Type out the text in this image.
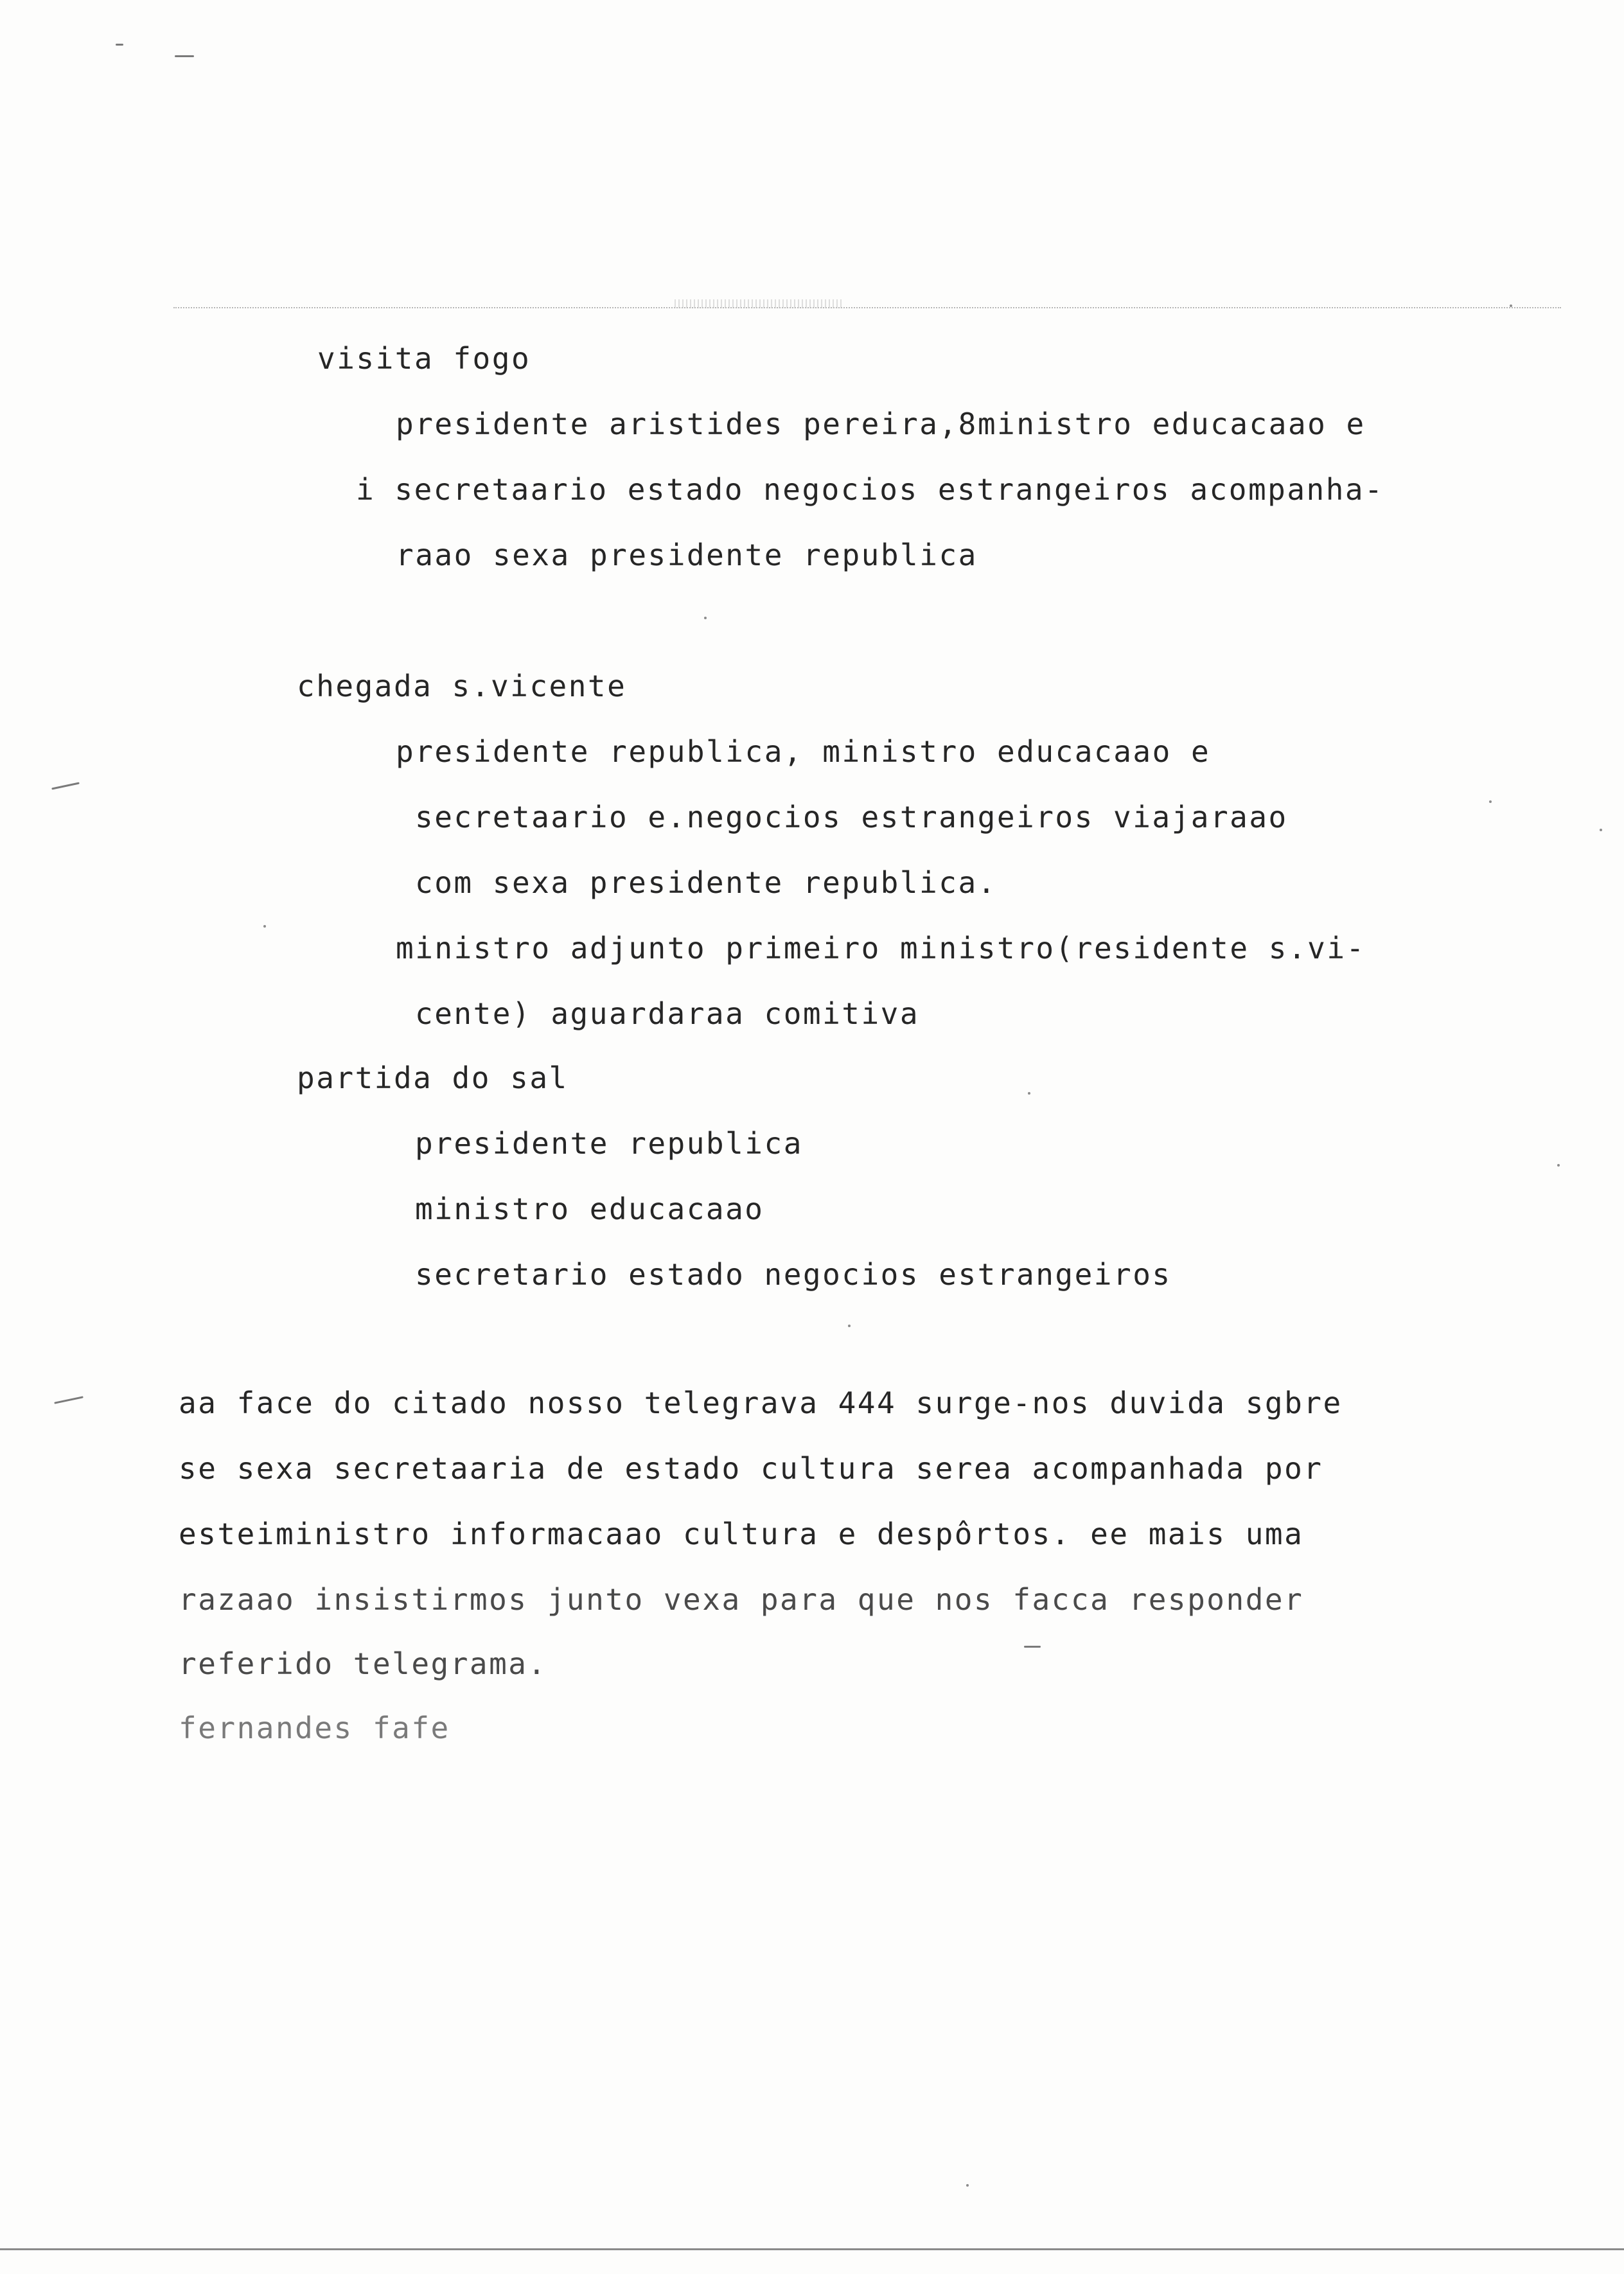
visita fogo
presidente aristides pereira,8ministro educacaao e
i secretaario estado negocios estrangeiros acompanha-
raao sexa presidente republica
chegada s.vicente
presidente republica, ministro educacaao e
secretaario e.negocios estrangeiros viajaraao
com sexa presidente republica.
ministro adjunto primeiro ministro(residente s.vi-
cente) aguardaraa comitiva
partida do sal
presidente republica
ministro educacaao
secretario estado negocios estrangeiros
aa face do citado nosso telegrava 444 surge-nos duvida sgbre
se sexa secretaaria de estado cultura serea acompanhada por
esteiministro informacaao cultura e despôrtos. ee mais uma
razaao insistirmos junto vexa para que nos facca responder
referido telegrama.
fernandes fafe
